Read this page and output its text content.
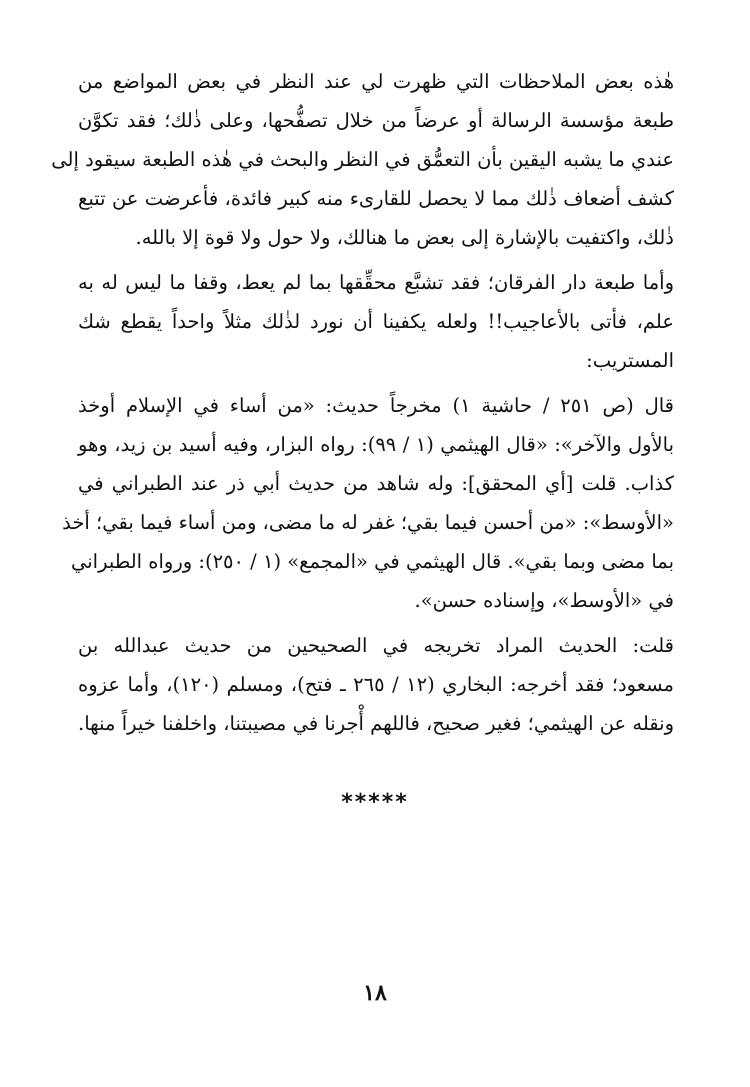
هٰذه بعض الملاحظات التي ظهرت لي عند النظر في بعض المواضع من
طبعة مؤسسة الرسالة أو عرضاً من خلال تصفُّحها، وعلى ذٰلك؛ فقد تكوَّن
عندي ما يشبه اليقين بأن التعمُّق في النظر والبحث في هٰذه الطبعة سيقود إلى
كشف أضعاف ذٰلك مما لا يحصل للقارىء منه كبير فائدة، فأعرضت عن تتبع
ذٰلك، واكتفيت بالإشارة إلى بعض ما هنالك، ولا حول ولا قوة إلا بالله.
وأما طبعة دار الفرقان؛ فقد تشبَّع محقِّقها بما لم يعط، وقفا ما ليس له به
علم، فأتى بالأعاجيب!! ولعله يكفينا أن نورد لذٰلك مثلاً واحداً يقطع شك
المستريب:
قال (ص ٢٥١ / حاشية ١) مخرجاً حديث: «من أساء في الإسلام أوخذ
بالأول والآخر»: «قال الهيثمي (١ / ٩٩): رواه البزار، وفيه أسيد بن زيد، وهو
كذاب. قلت [أي المحقق]: وله شاهد من حديث أبي ذر عند الطبراني في
«الأوسط»: «من أحسن فيما بقي؛ غفر له ما مضى، ومن أساء فيما بقي؛ أخذ
بما مضى وبما بقي». قال الهيثمي في «المجمع» (١ / ٢٥٠): ورواه الطبراني
في «الأوسط»، وإسناده حسن».
قلت: الحديث المراد تخريجه في الصحيحين من حديث عبدالله بن
مسعود؛ فقد أخرجه: البخاري (١٢ / ٢٦٥ ـ فتح)، ومسلم (١٢٠)، وأما عزوه
ونقله عن الهيثمي؛ فغير صحيح، فاللهم أْجرنا في مصيبتنا، واخلفنا خيراً منها.
*****
١٨
